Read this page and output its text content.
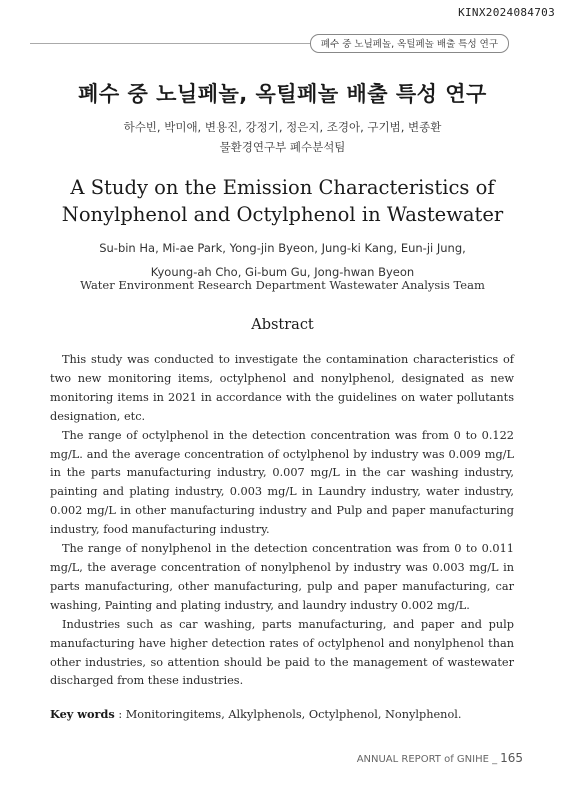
KINX2024084703
폐수 중 노닐페놀, 옥틸페놀 배출 특성 연구
폐수 중 노닐페놀, 옥틸페놀 배출 특성 연구
하수빈, 박미애, 변용진, 강정기, 정은지, 조경아, 구기범, 변종환
물환경연구부 폐수분석팀
A Study on the Emission Characteristics of
Nonylphenol and Octylphenol in Wastewater
Su-bin Ha, Mi-ae Park, Yong-jin Byeon, Jung-ki Kang, Eun-ji Jung,
Kyoung-ah Cho, Gi-bum Gu, Jong-hwan Byeon
Water Environment Research Department Wastewater Analysis Team
Abstract

This study was conducted to investigate the contamination characteristics of two new monitoring items, octylphenol and nonylphenol, designated as new monitoring items in 2021 in accordance with the guidelines on water pollutants designation, etc.

The range of octylphenol in the detection concentration was from 0 to 0.122 mg/L. and the average concentration of octylphenol by industry was 0.009 mg/L in the parts manufacturing industry, 0.007 mg/L in the car washing industry, painting and plating industry, 0.003 mg/L in Laundry industry, water industry, 0.002 mg/L in other manufacturing industry and Pulp and paper manufacturing industry, food manufacturing industry.

The range of nonylphenol in the detection concentration was from 0 to 0.011 mg/L, the average concentration of nonylphenol by industry was 0.003 mg/L in parts manufacturing, other manufacturing, pulp and paper manufacturing, car washing, Painting and plating industry, and laundry industry 0.002 mg/L.

Industries such as car washing, parts manufacturing, and paper and pulp manufacturing have higher detection rates of octylphenol and nonylphenol than other industries, so attention should be paid to the management of wastewater discharged from these industries.

Key words : Monitoringitems, Alkylphenols, Octylphenol, Nonylphenol.
ANNUAL REPORT of GNIHE _ 165
